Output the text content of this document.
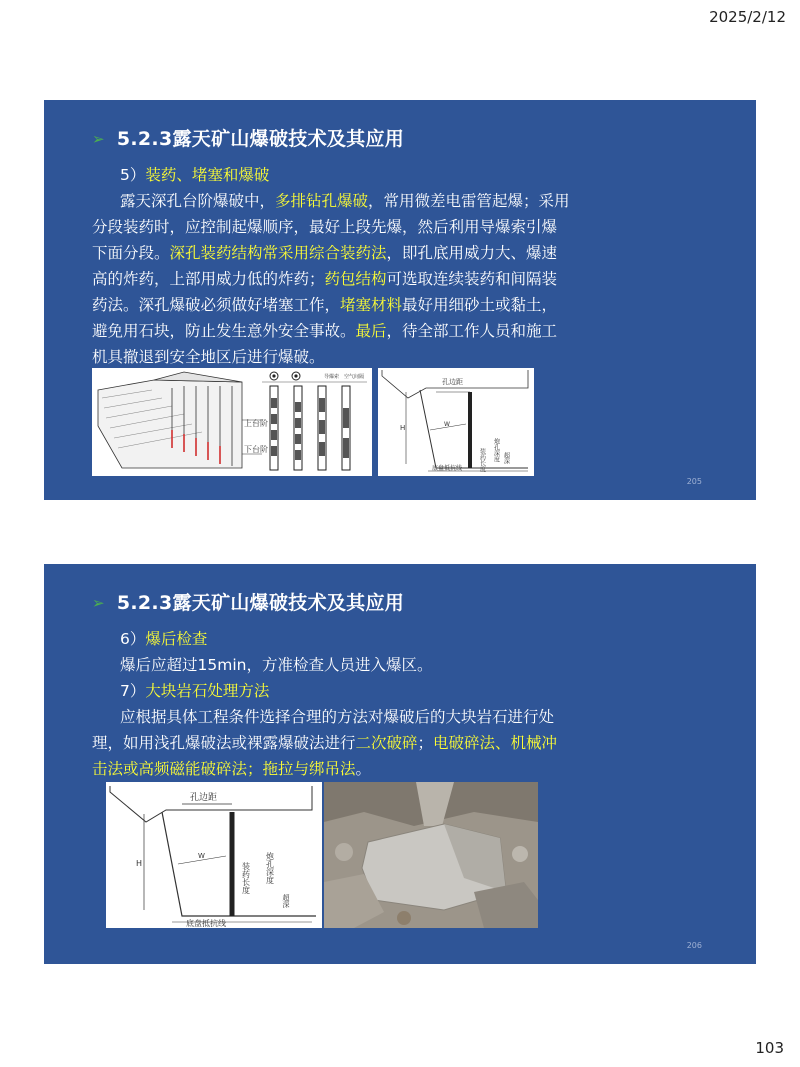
2025/2/12
➢ 5.2.3露天矿山爆破技术及其应用
5）装药、堵塞和爆破
露天深孔台阶爆破中，多排钻孔爆破，常用微差电雷管起爆；采用分段装药时，应控制起爆顺序，最好上段先爆，然后利用导爆索引爆下面分段。深孔装药结构常采用综合装药法，即孔底用威力大、爆速高的炸药，上部用威力低的炸药；药包结构可选取连续装药和间隔装药法。深孔爆破必须做好堵塞工作，堵塞材料最好用细砂土或黏土，避免用石块，防止发生意外安全事故。最后，待全部工作人员和施工机具撤退到安全地区后进行爆破。
上台阶
下台阶
导爆索 空气间隔
孔边距
H	W
装药长度 炮孔深度 超深
底盘抵抗线
205
➢ 5.2.3露天矿山爆破技术及其应用
6）爆后检查
爆后应超过15min，方准检查人员进入爆区。
7）大块岩石处理方法
应根据具体工程条件选择合理的方法对爆破后的大块岩石进行处理，如用浅孔爆破法或裸露爆破法进行二次破碎；电破碎法、机械冲击法或高频磁能破碎法；拖拉与绑吊法。
孔边距
H
W
装药长度 炮孔深度
超深
底盘抵抗线
206
103
